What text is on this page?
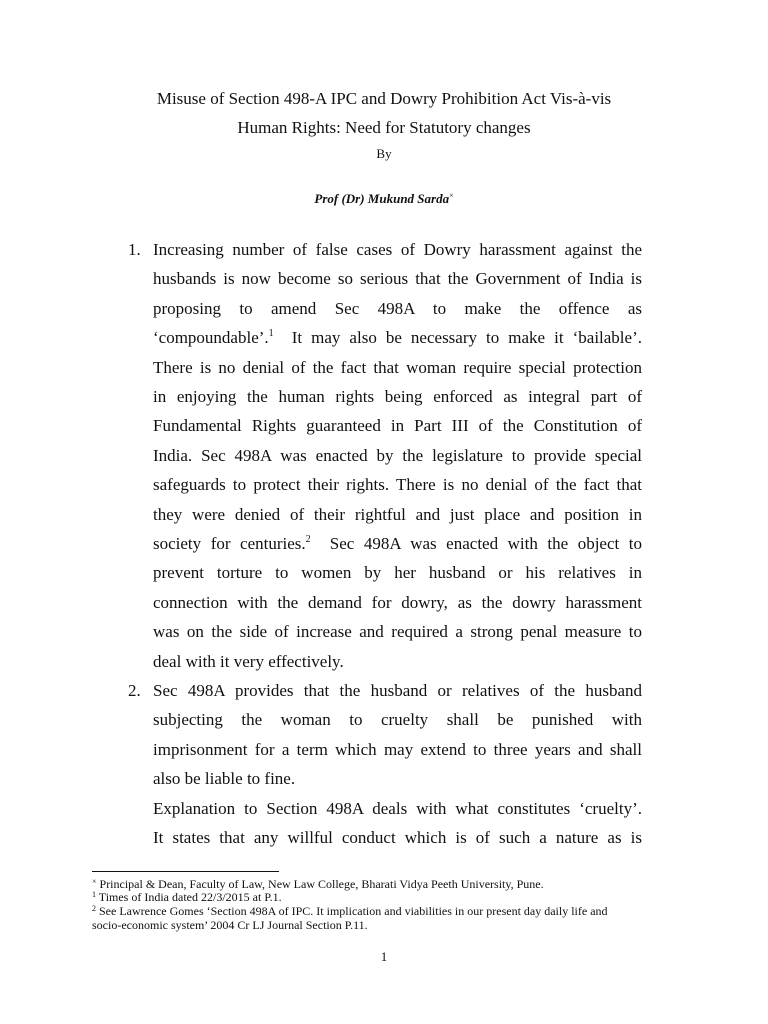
Misuse of Section 498-A IPC and Dowry Prohibition Act Vis-à-vis
Human Rights: Need for Statutory changes
By
Prof (Dr) Mukund Sarda×
1. Increasing number of false cases of Dowry harassment against the
husbands is now become so serious that the Government of India is
proposing to amend Sec 498A to make the offence as
‘compoundable’.$^1$  It may also be necessary to make it ‘bailable’.
There is no denial of the fact that woman require special protection
in enjoying the human rights being enforced as integral part of
Fundamental Rights guaranteed in Part III of the Constitution of
India. Sec 498A was enacted by the legislature to provide special
safeguards to protect their rights. There is no denial of the fact that
they were denied of their rightful and just place and position in
society for centuries.$^2$  Sec 498A was enacted with the object to
prevent torture to women by her husband or his relatives in
connection with the demand for dowry, as the dowry harassment
was on the side of increase and required a strong penal measure to
deal with it very effectively.
2. Sec 498A provides that the husband or relatives of the husband
subjecting the woman to cruelty shall be punished with
imprisonment for a term which may extend to three years and shall
also be liable to fine.
Explanation to Section 498A deals with what constitutes ‘cruelty’.
It states that any willful conduct which is of such a nature as is
× Principal & Dean, Faculty of Law, New Law College, Bharati Vidya Peeth University, Pune.
$^1$ Times of India dated 22/3/2015 at P.1.
$^2$ See Lawrence Gomes ‘Section 498A of IPC. It implication and viabilities in our present day daily life and
socio-economic system’ 2004 Cr LJ Journal Section P.11.
1
